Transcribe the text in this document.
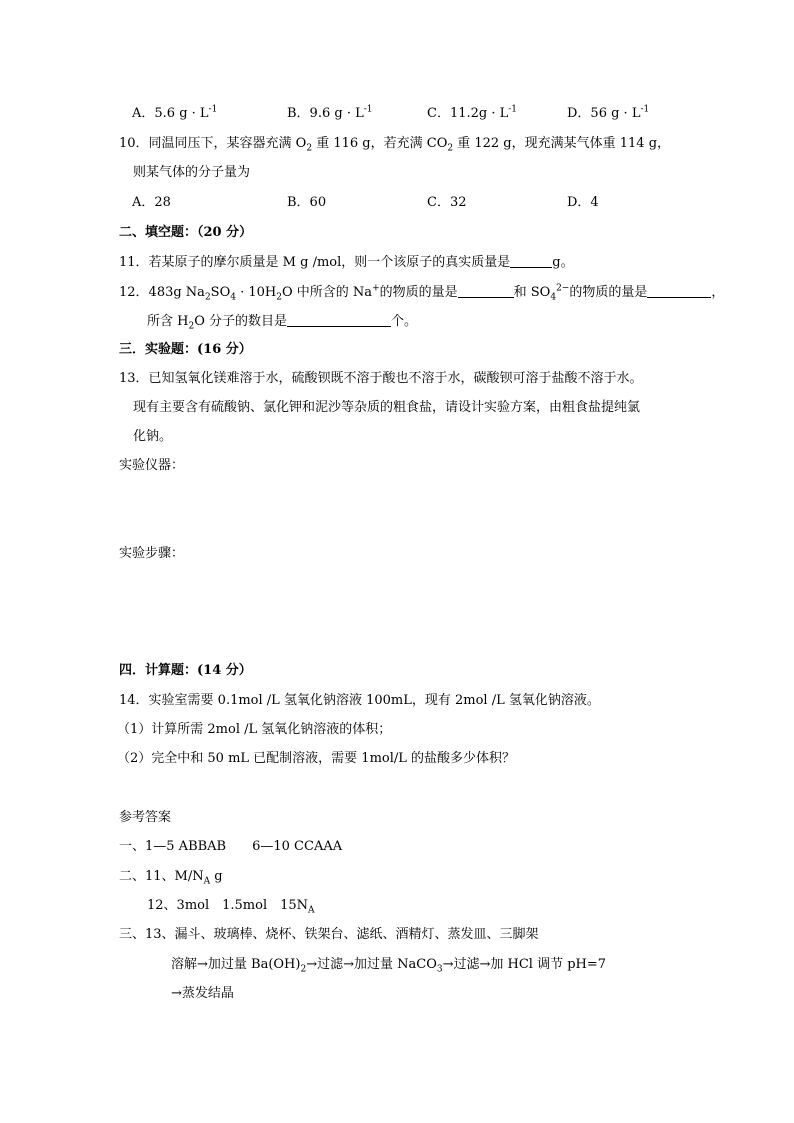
A．5.6 $g \cdot L^{-1}$	B．9.6 $g \cdot L^{-1}$	C．$11.2g \cdot L^{-1}$	D．56 $g \cdot L^{-1}$
10．同温同压下，某容器充满 $O_2$ 重 116 g，若充满 $CO_2$ 重 122 g，现充满某气体重 114 g，
则某气体的分子量为
A．28	B．60	C．32	D．4
二、填空题：（20 分）
11．若某原子的摩尔质量是 M g /mol，则一个该原子的真实质量是	g。
12．483g $Na_2SO_4 \cdot 10H_2O$ 中所含的 Na+的物质的量是	和 $SO_4^{2-}$的物质的量是	，
所含 $H_2O$ 分子的数目是	个。
三．实验题：(16 分）
13．已知氢氧化镁难溶于水，硫酸钡既不溶于酸也不溶于水，碳酸钡可溶于盐酸不溶于水。
现有主要含有硫酸钠、氯化钾和泥沙等杂质的粗食盐，请设计实验方案，由粗食盐提纯氯
化钠。
实验仪器：
实验步骤：
四．计算题：(14 分）
14．实验室需要 0.1mol /L 氢氧化钠溶液 100mL，现有 2mol /L 氢氧化钠溶液。
（1）计算所需 2mol /L 氢氧化钠溶液的体积；
（2）完全中和 50 mL 已配制溶液，需要 1mol/L 的盐酸多少体积？
参考答案
一、1—5 ABBAB　　6—10 CCAAA
二、11、$M/N_A$ g
12、3mol　1.5mol　$15N_A$
三、13、漏斗、玻璃棒、烧杯、铁架台、滤纸、酒精灯、蒸发皿、三脚架
溶解→加过量 $Ba(OH)_2\to$过滤→加过量 NaCO$_3$→过滤→加 HCl 调节 pH=7
→蒸发结晶
